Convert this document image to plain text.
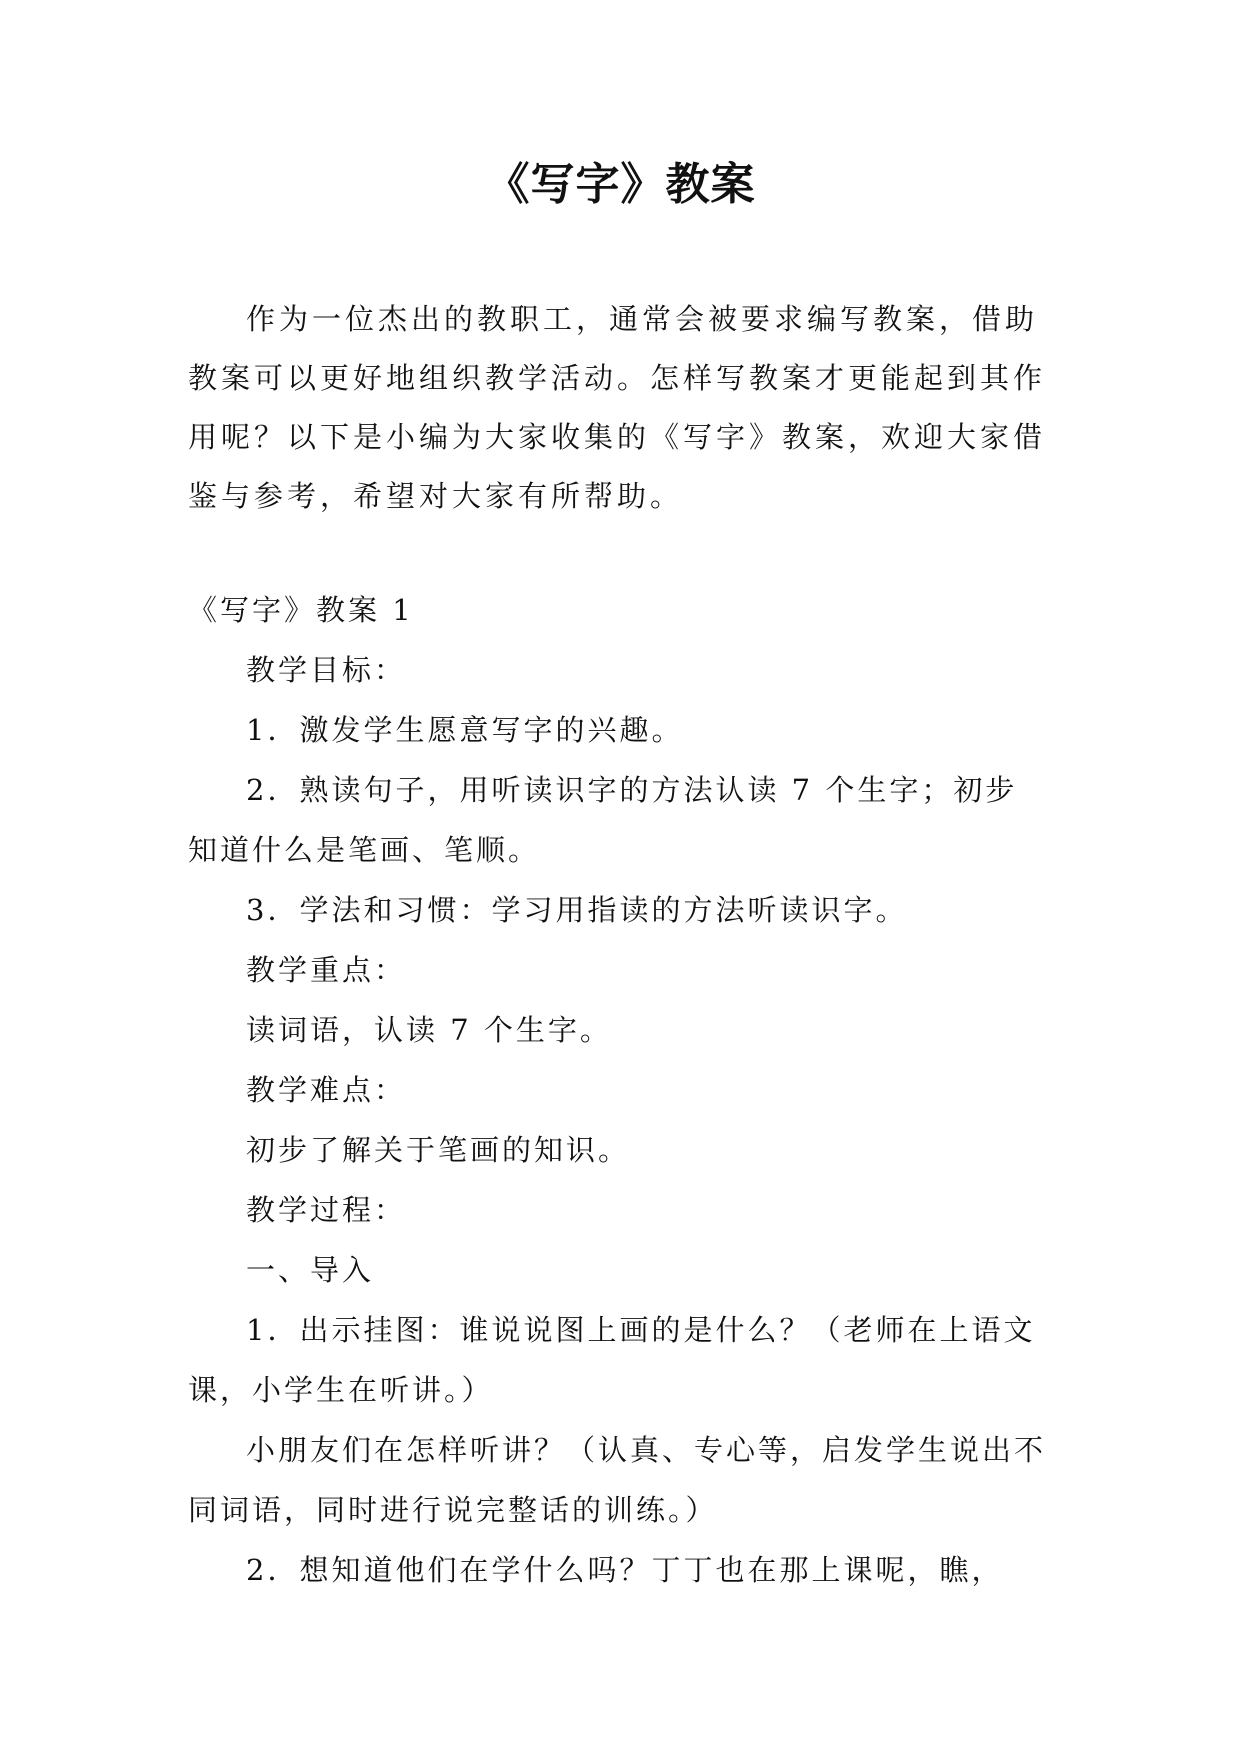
《写字》教案

作为一位杰出的教职工，通常会被要求编写教案，借助教案可以更好地组织教学活动。怎样写教案才更能起到其作用呢？以下是小编为大家收集的《写字》教案，欢迎大家借鉴与参考，希望对大家有所帮助。

《写字》教案 1

教学目标：

1．激发学生愿意写字的兴趣。

2．熟读句子，用听读识字的方法认读 7 个生字；初步知道什么是笔画、笔顺。

3．学法和习惯：学习用指读的方法听读识字。

教学重点：

读词语，认读 7 个生字。

教学难点：

初步了解关于笔画的知识。

教学过程：

一、导入

1．出示挂图：谁说说图上画的是什么？（老师在上语文课，小学生在听讲。）

小朋友们在怎样听讲？（认真、专心等，启发学生说出不同词语，同时进行说完整话的训练。）

2．想知道他们在学什么吗？丁丁也在那上课呢，瞧，
